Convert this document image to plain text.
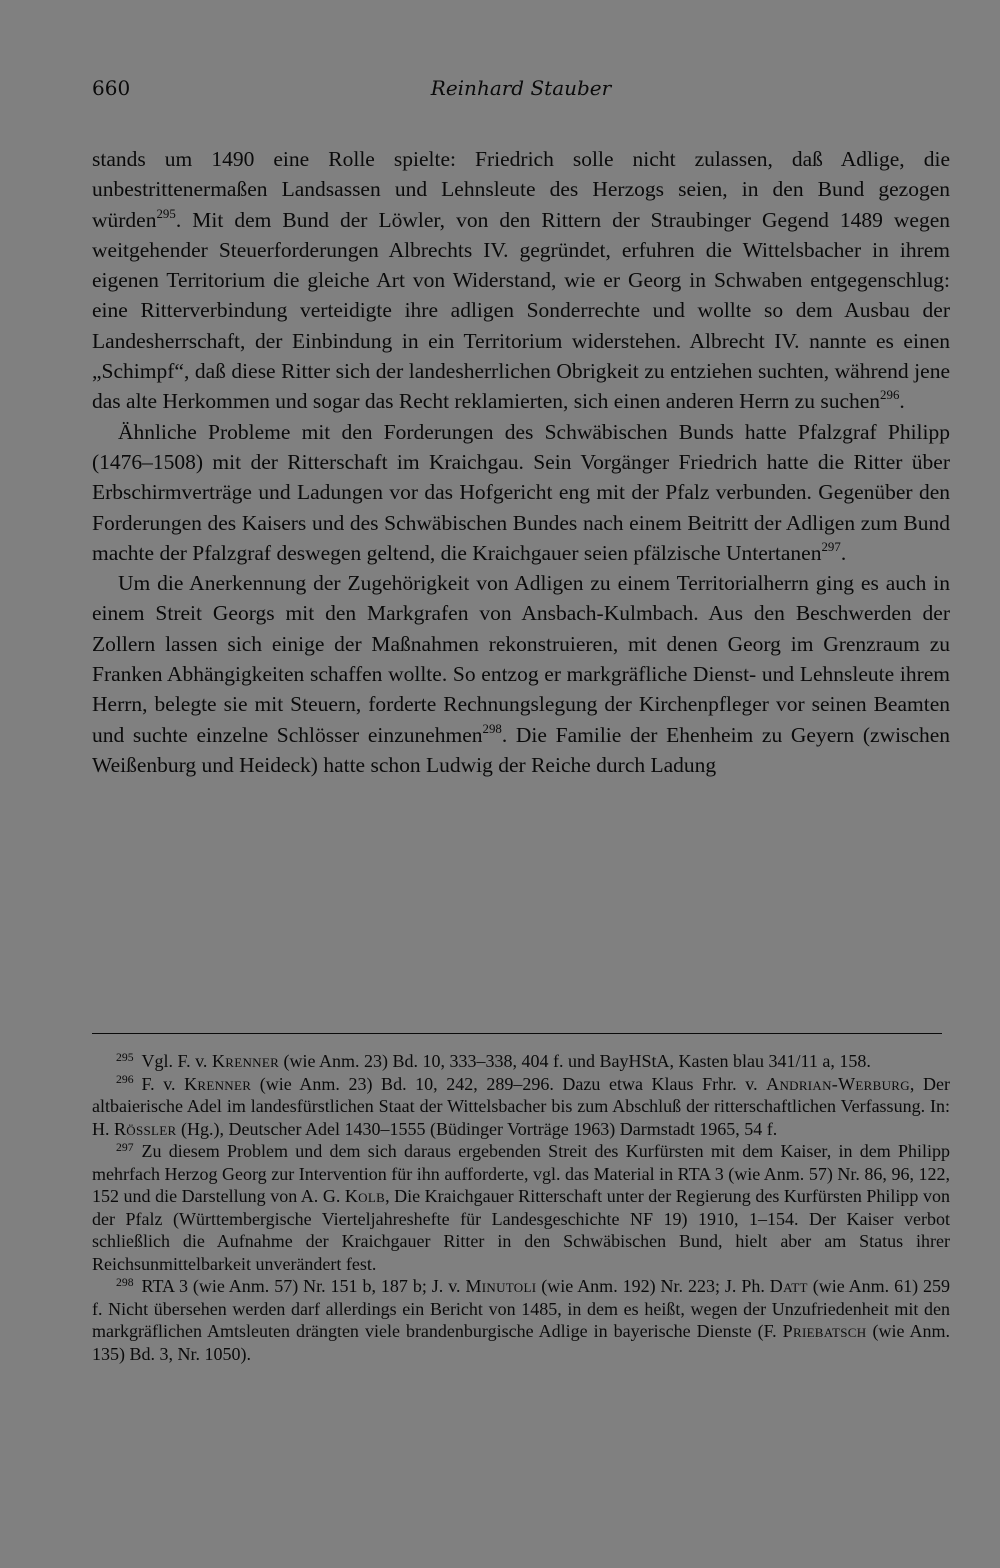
660	Reinhard Stauber

stands um 1490 eine Rolle spielte: Friedrich solle nicht zulassen, daß Adlige, die unbestrittenermaßen Landsassen und Lehnsleute des Herzogs seien, in den Bund gezogen würden$^{295}$. Mit dem Bund der Löwler, von den Rittern der Straubinger Gegend 1489 wegen weitgehender Steuerforderungen Albrechts IV. gegründet, erfuhren die Wittelsbacher in ihrem eigenen Territorium die gleiche Art von Widerstand, wie er Georg in Schwaben entgegenschlug: eine Ritterverbindung verteidigte ihre adligen Sonderrechte und wollte so dem Ausbau der Landesherrschaft, der Einbindung in ein Territorium widerstehen. Albrecht IV. nannte es einen „Schimpf“, daß diese Ritter sich der landesherrlichen Obrigkeit zu entziehen suchten, während jene das alte Herkommen und sogar das Recht reklamierten, sich einen anderen Herrn zu suchen$^{296}$.

Ähnliche Probleme mit den Forderungen des Schwäbischen Bunds hatte Pfalzgraf Philipp (1476–1508) mit der Ritterschaft im Kraichgau. Sein Vorgänger Friedrich hatte die Ritter über Erbschirmverträge und Ladungen vor das Hofgericht eng mit der Pfalz verbunden. Gegenüber den Forderungen des Kaisers und des Schwäbischen Bundes nach einem Beitritt der Adligen zum Bund machte der Pfalzgraf deswegen geltend, die Kraichgauer seien pfälzische Untertanen$^{297}$.

Um die Anerkennung der Zugehörigkeit von Adligen zu einem Territorialherrn ging es auch in einem Streit Georgs mit den Markgrafen von Ansbach-Kulmbach. Aus den Beschwerden der Zollern lassen sich einige der Maßnahmen rekonstruieren, mit denen Georg im Grenzraum zu Franken Abhängigkeiten schaffen wollte. So entzog er markgräfliche Dienst- und Lehnsleute ihrem Herrn, belegte sie mit Steuern, forderte Rechnungslegung der Kirchenpfleger vor seinen Beamten und suchte einzelne Schlösser einzunehmen$^{298}$. Die Familie der Ehenheim zu Geyern (zwischen Weißenburg und Heideck) hatte schon Ludwig der Reiche durch Ladung

$^{295}$ Vgl. F. v. Krenner (wie Anm. 23) Bd. 10, 333–338, 404 f. und BayHStA, Kasten blau 341/11 a, 158.

$^{296}$ F. v. Krenner (wie Anm. 23) Bd. 10, 242, 289–296. Dazu etwa Klaus Frhr. v. Andrian-Werburg, Der altbaierische Adel im landesfürstlichen Staat der Wittelsbacher bis zum Abschluß der ritterschaftlichen Verfassung. In: H. Rössler (Hg.), Deutscher Adel 1430–1555 (Büdinger Vorträge 1963) Darmstadt 1965, 54 f.

$^{297}$ Zu diesem Problem und dem sich daraus ergebenden Streit des Kurfürsten mit dem Kaiser, in dem Philipp mehrfach Herzog Georg zur Intervention für ihn aufforderte, vgl. das Material in RTA 3 (wie Anm. 57) Nr. 86, 96, 122, 152 und die Darstellung von A. G. Kolb, Die Kraichgauer Ritterschaft unter der Regierung des Kurfürsten Philipp von der Pfalz (Württembergische Vierteljahreshefte für Landesgeschichte NF 19) 1910, 1–154. Der Kaiser verbot schließlich die Aufnahme der Kraichgauer Ritter in den Schwäbischen Bund, hielt aber am Status ihrer Reichsunmittelbarkeit unverändert fest.

$^{298}$ RTA 3 (wie Anm. 57) Nr. 151 b, 187 b; J. v. Minutoli (wie Anm. 192) Nr. 223; J. Ph. Datt (wie Anm. 61) 259 f. Nicht übersehen werden darf allerdings ein Bericht von 1485, in dem es heißt, wegen der Unzufriedenheit mit den markgräflichen Amtsleuten drängten viele brandenburgische Adlige in bayerische Dienste (F. Priebatsch (wie Anm. 135) Bd. 3, Nr. 1050).
